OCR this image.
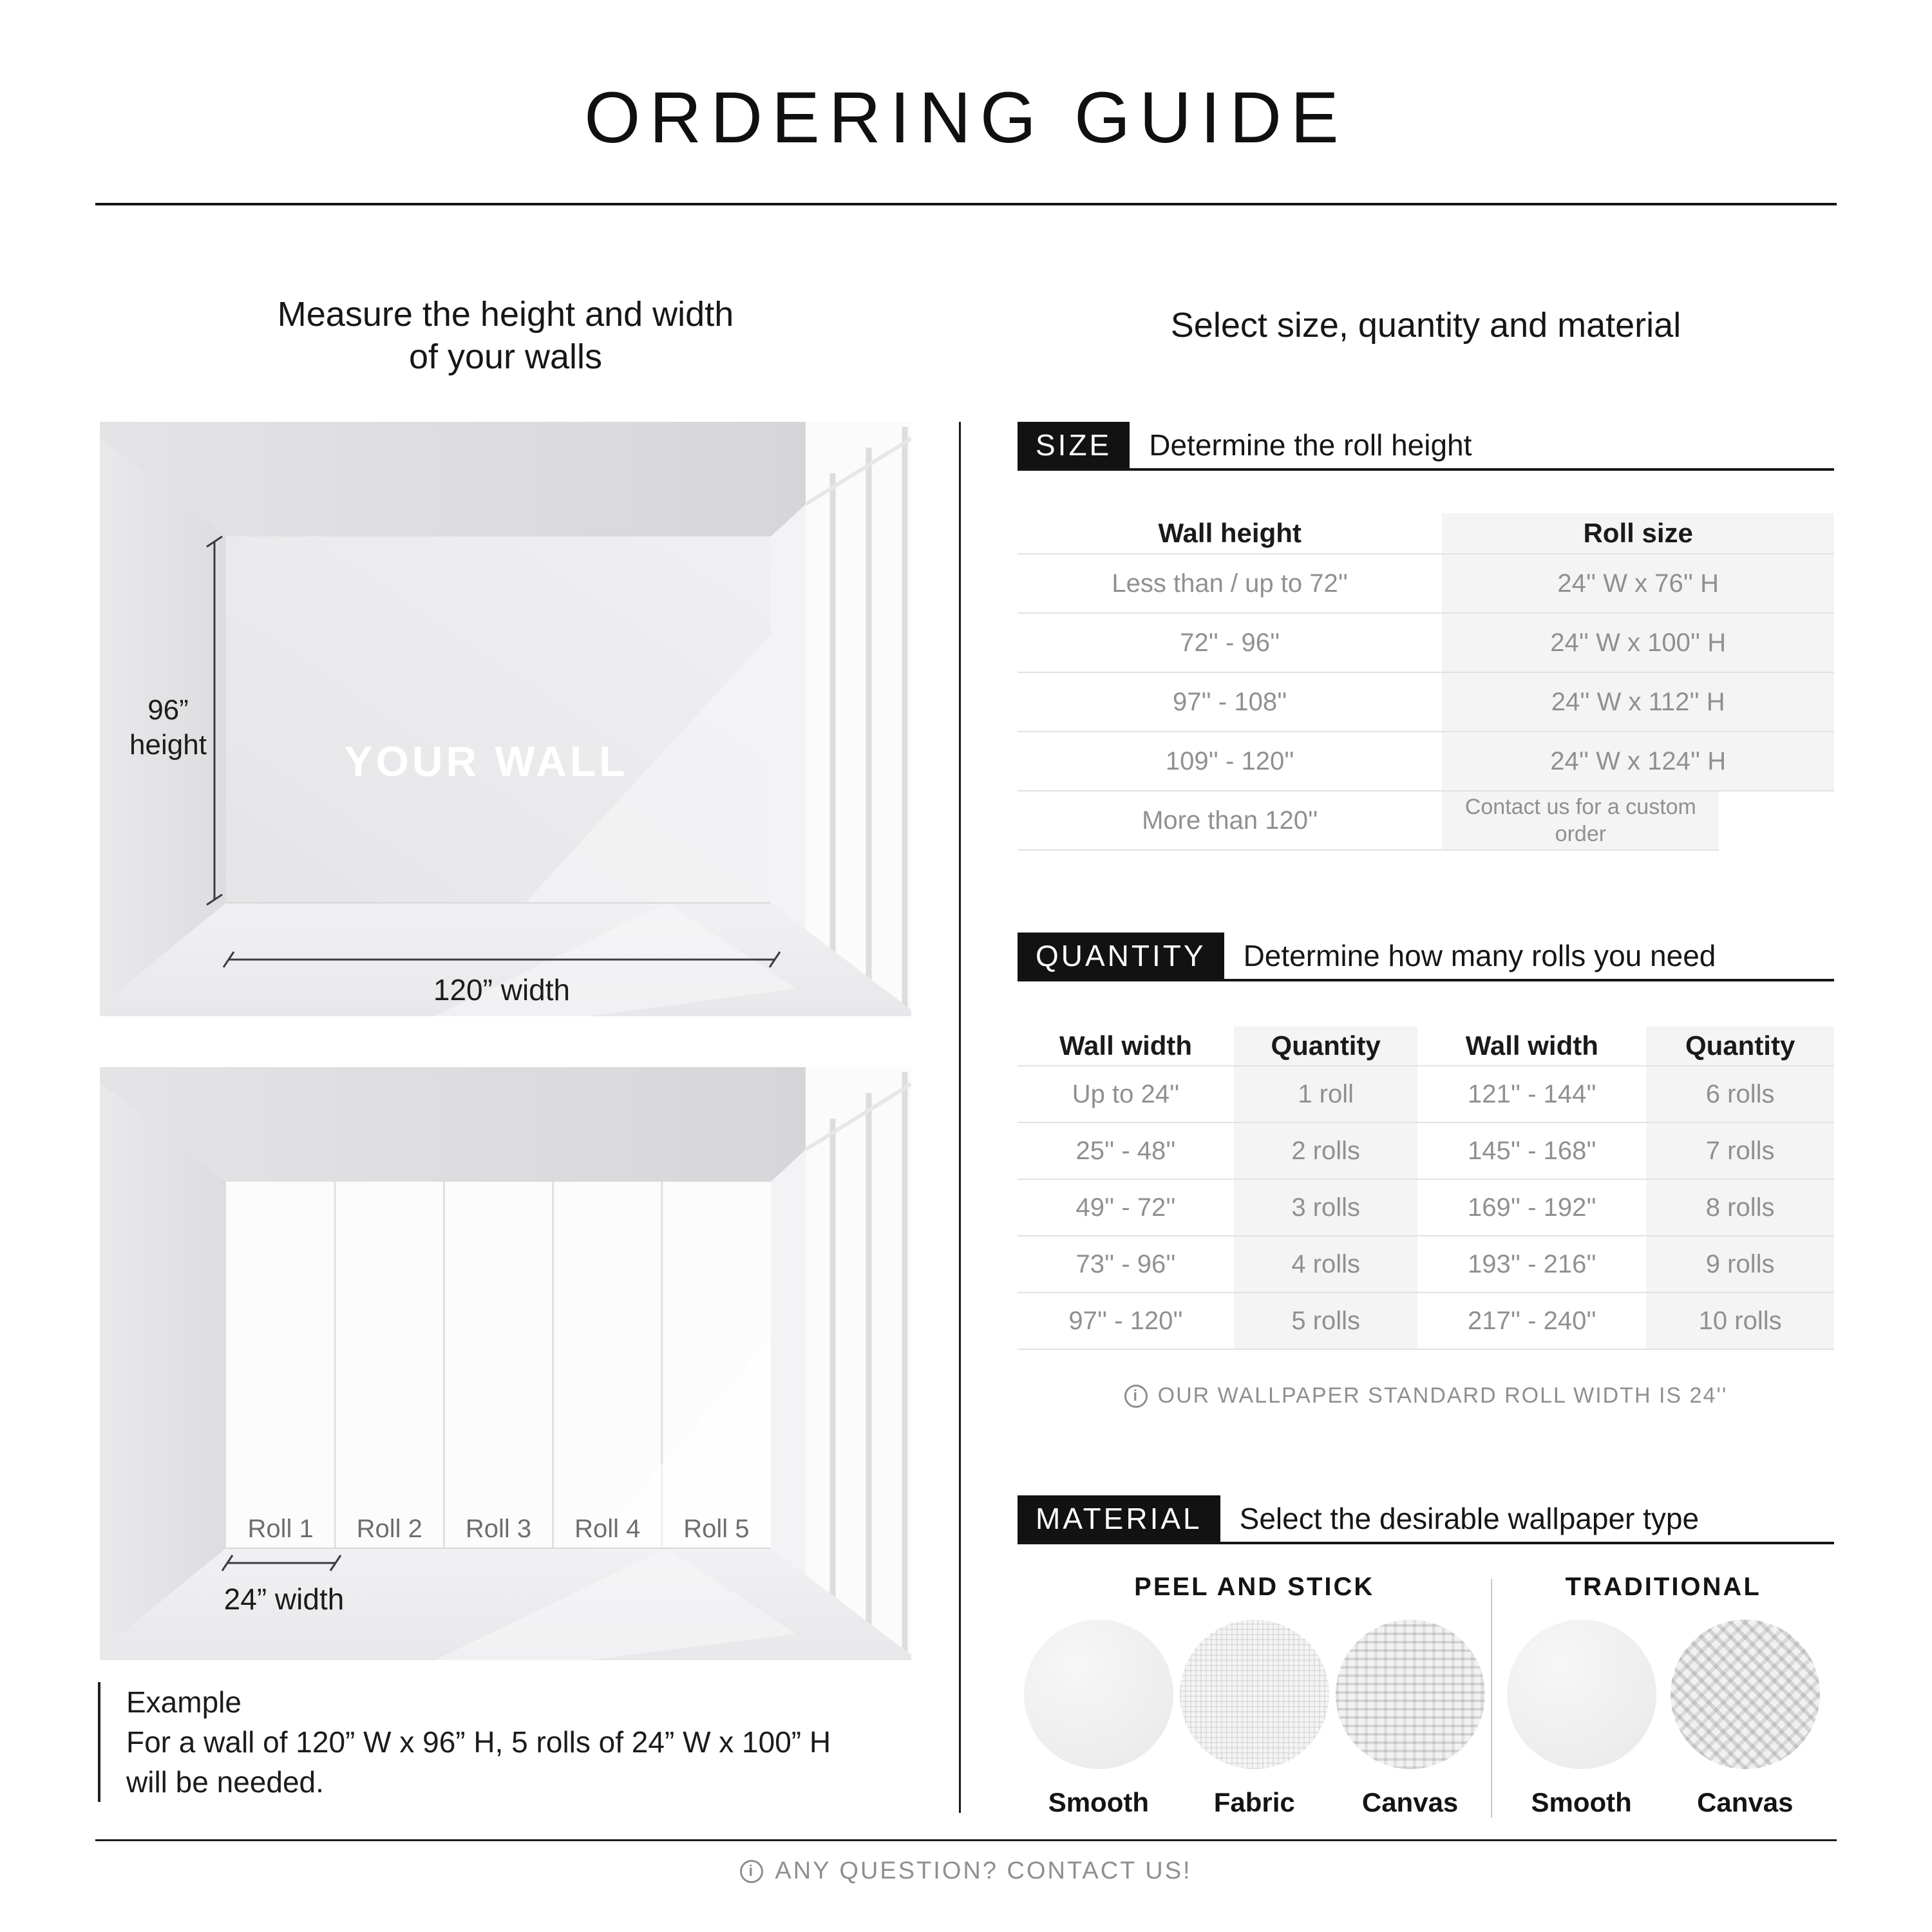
ORDERING GUIDE
Measure the height and width
of your walls
Select size, quantity and material
96”
height	YOUR WALL
120” width
Roll 1 Roll 2 Roll 3 Roll 4 Roll 5
24” width
Example
For a wall of 120” W x 96” H, 5 rolls of 24” W x 100” H
will be needed.
SIZE	Determine the roll height
Wall height	Roll size
Less than / up to 72''	24'' W x 76'' H
72'' - 96''	24'' W x 100'' H
97'' - 108''	24'' W x 112'' H
109'' - 120''	24'' W x 124'' H
More than 120''	Contact us for a custom order
QUANTITY	Determine how many rolls you need
Wall width	Quantity	Wall width	Quantity
Up to 24''	1 roll	121'' - 144''	6 rolls
25'' - 48''	2 rolls	145'' - 168''	7 rolls
49'' - 72''	3 rolls	169'' - 192''	8 rolls
73'' - 96''	4 rolls	193'' - 216''	9 rolls
97'' - 120''	5 rolls	217'' - 240''	10 rolls
i OUR WALLPAPER STANDARD ROLL WIDTH IS 24''
MATERIAL	Select the desirable wallpaper type
PEEL AND STICK
Smooth Fabric Canvas
TRADITIONAL
Smooth Canvas
i ANY QUESTION? CONTACT US!
